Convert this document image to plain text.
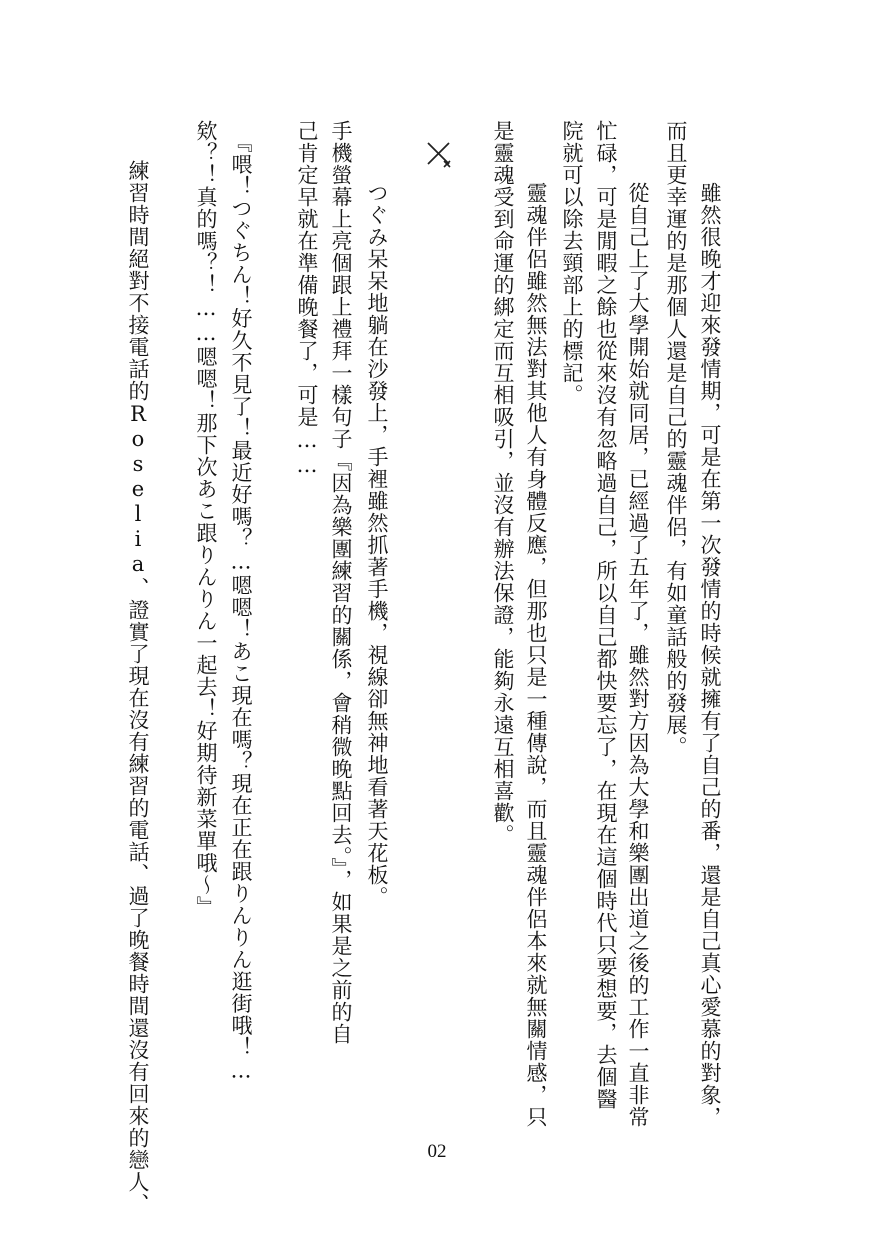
　雖然很晚才迎來發情期，可是在第一次發情的時候就擁有了自己的番，還是自己真心愛慕的對象，
而且更幸運的是那個人還是自己的靈魂伴侶，有如童話般的發展。
　從自己上了大學開始就同居，已經過了五年了，雖然對方因為大學和樂團出道之後的工作一直非常
忙碌，可是閒暇之餘也從來沒有忽略過自己，所以自己都快要忘了，在現在這個時代只要想要，去個醫
院就可以除去頸部上的標記。
　靈魂伴侶雖然無法對其他人有身體反應，但那也只是一種傳說，而且靈魂伴侶本來就無關情感，只
是靈魂受到命運的綁定而互相吸引，並沒有辦法保證，能夠永遠互相喜歡。
　つぐみ呆呆地躺在沙發上，手裡雖然抓著手機，視線卻無神地看著天花板。
手機螢幕上亮個跟上禮拜一樣句子『因為樂團練習的關係，會稍微晚點回去。』，如果是之前的自
己肯定早就在準備晚餐了，可是……
　『喂！つぐちん！好久不見了！最近好嗎？…嗯嗯！あこ現在嗎？現在正在跟りんりん逛街哦！…
欸？！真的嗎？！……嗯嗯！那下次あこ跟りんりん一起去！好期待新菜單哦～』
練習時間絕對不接電話的Roselia、證實了現在沒有練習的電話、過了晚餐時間還沒有回來的戀人、	02
